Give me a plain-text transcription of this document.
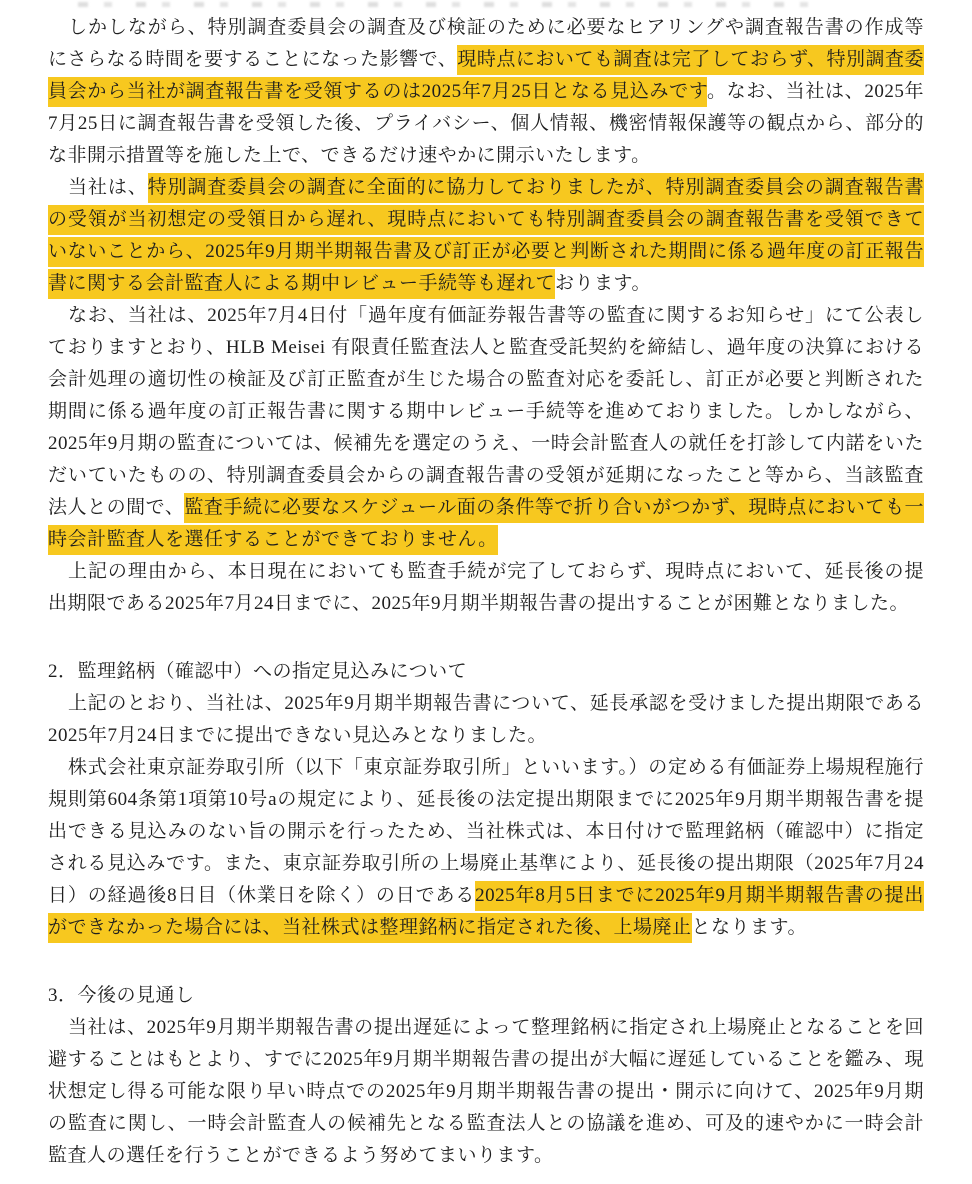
しかしながら、特別調査委員会の調査及び検証のために必要なヒアリングや調査報告書の作成等にさらなる時間を要することになった影響で、現時点においても調査は完了しておらず、特別調査委員会から当社が調査報告書を受領するのは2025年7月25日となる見込みです。なお、当社は、2025年7月25日に調査報告書を受領した後、プライバシー、個人情報、機密情報保護等の観点から、部分的な非開示措置等を施した上で、できるだけ速やかに開示いたします。

当社は、特別調査委員会の調査に全面的に協力しておりましたが、特別調査委員会の調査報告書の受領が当初想定の受領日から遅れ、現時点においても特別調査委員会の調査報告書を受領できていないことから、2025年9月期半期報告書及び訂正が必要と判断された期間に係る過年度の訂正報告書に関する会計監査人による期中レビュー手続等も遅れております。

なお、当社は、2025年7月4日付「過年度有価証券報告書等の監査に関するお知らせ」にて公表しておりますとおり、HLB Meisei 有限責任監査法人と監査受託契約を締結し、過年度の決算における会計処理の適切性の検証及び訂正監査が生じた場合の監査対応を委託し、訂正が必要と判断された期間に係る過年度の訂正報告書に関する期中レビュー手続等を進めておりました。しかしながら、2025年9月期の監査については、候補先を選定のうえ、一時会計監査人の就任を打診して内諾をいただいていたものの、特別調査委員会からの調査報告書の受領が延期になったこと等から、当該監査法人との間で、監査手続に必要なスケジュール面の条件等で折り合いがつかず、現時点においても一時会計監査人を選任することができておりません。

上記の理由から、本日現在においても監査手続が完了しておらず、現時点において、延長後の提出期限である2025年7月24日までに、2025年9月期半期報告書の提出することが困難となりました。

2．監理銘柄（確認中）への指定見込みについて

上記のとおり、当社は、2025年9月期半期報告書について、延長承認を受けました提出期限である2025年7月24日までに提出できない見込みとなりました。

株式会社東京証券取引所（以下「東京証券取引所」といいます。）の定める有価証券上場規程施行規則第604条第1項第10号aの規定により、延長後の法定提出期限までに2025年9月期半期報告書を提出できる見込みのない旨の開示を行ったため、当社株式は、本日付けで監理銘柄（確認中）に指定される見込みです。また、東京証券取引所の上場廃止基準により、延長後の提出期限（2025年7月24日）の経過後8日目（休業日を除く）の日である2025年8月5日までに2025年9月期半期報告書の提出ができなかった場合には、当社株式は整理銘柄に指定された後、上場廃止となります。

3．今後の見通し

当社は、2025年9月期半期報告書の提出遅延によって整理銘柄に指定され上場廃止となることを回避することはもとより、すでに2025年9月期半期報告書の提出が大幅に遅延していることを鑑み、現状想定し得る可能な限り早い時点での2025年9月期半期報告書の提出・開示に向けて、2025年9月期の監査に関し、一時会計監査人の候補先となる監査法人との協議を進め、可及的速やかに一時会計監査人の選任を行うことができるよう努めてまいります。
